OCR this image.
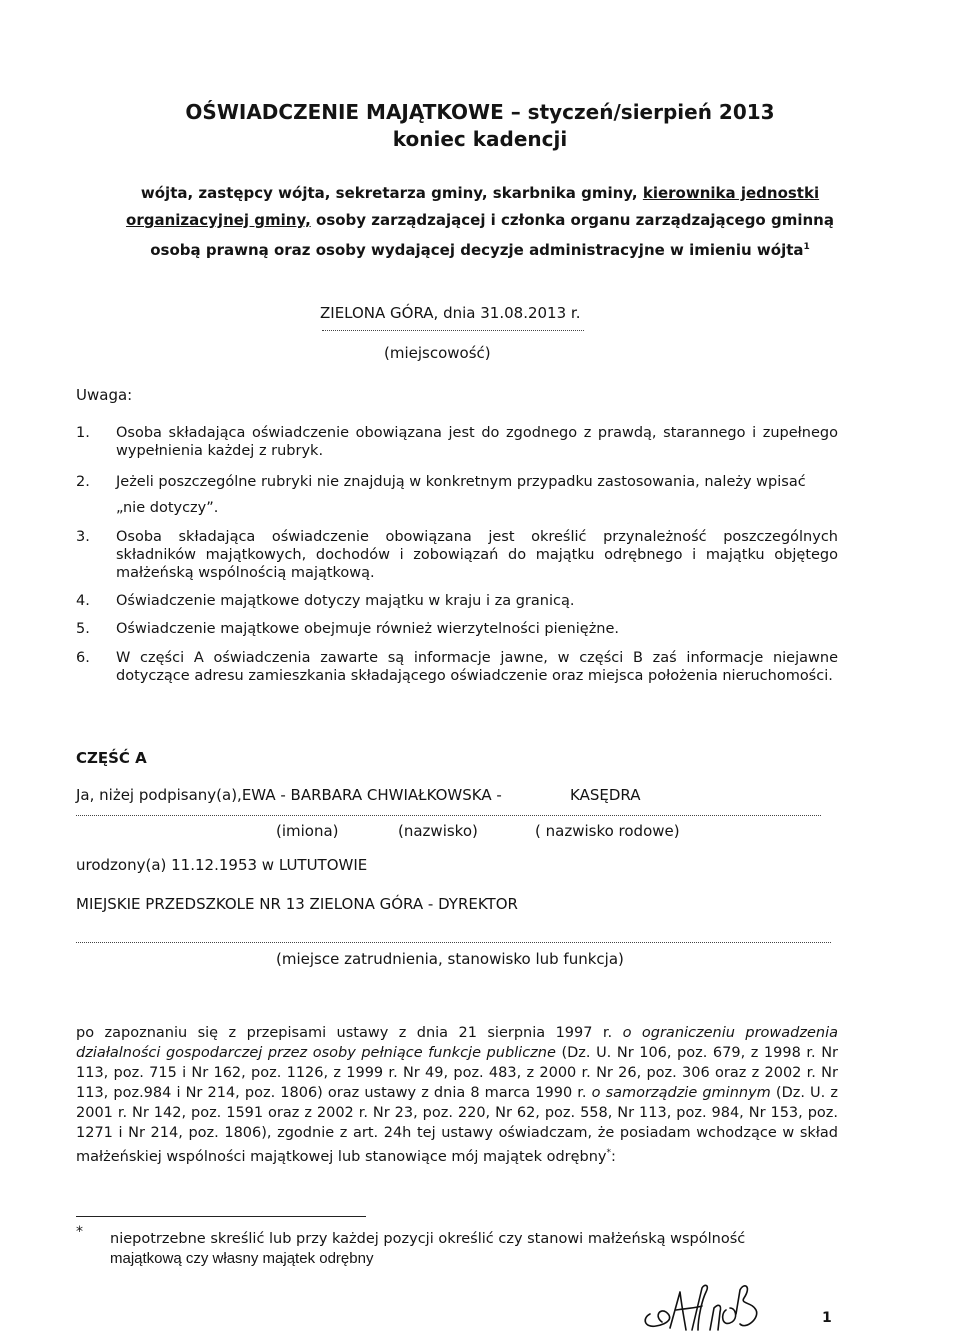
OŚWIADCZENIE MAJĄTKOWE – styczeń/sierpień 2013
koniec kadencji
wójta, zastępcy wójta, sekretarza gminy, skarbnika gminy, kierownika jednostki
organizacyjnej gminy, osoby zarządzającej i członka organu zarządzającego gminną
osobą prawną oraz osoby wydającej decyzje administracyjne w imieniu wójta$^1$
ZIELONA GÓRA, dnia 31.08.2013 r.
(miejscowość)
Uwaga:
1. Osoba składająca oświadczenie obowiązana jest do zgodnego z prawdą, starannego i zupełnego wypełnienia każdej z rubryk.
2. Jeżeli poszczególne rubryki nie znajdują w konkretnym przypadku zastosowania, należy wpisać
„nie dotyczy”.
3. Osoba składająca oświadczenie obowiązana jest określić przynależność poszczególnych składników majątkowych, dochodów i zobowiązań do majątku odrębnego i majątku objętego małżeńską wspólnością majątkową.
4. Oświadczenie majątkowe dotyczy majątku w kraju i za granicą.
5. Oświadczenie majątkowe obejmuje również wierzytelności pieniężne.
6. W części A oświadczenia zawarte są informacje jawne, w części B zaś informacje niejawne dotyczące adresu zamieszkania składającego oświadczenie oraz miejsca położenia nieruchomości.
CZĘŚĆ A
Ja, niżej podpisany(a),EWA - BARBARA CHWIAŁKOWSKA -	KASĘDRA
(imiona)	(nazwisko)	( nazwisko rodowe)
urodzony(a) 11.12.1953 w LUTUTOWIE
MIEJSKIE PRZEDSZKOLE NR 13 ZIELONA GÓRA - DYREKTOR
(miejsce zatrudnienia, stanowisko lub funkcja)
po zapoznaniu się z przepisami ustawy z dnia 21 sierpnia 1997 r. o ograniczeniu prowadzenia działalności gospodarczej przez osoby pełniące funkcje publiczne (Dz. U. Nr 106, poz. 679, z 1998 r. Nr 113, poz. 715 i Nr 162, poz. 1126, z 1999 r. Nr 49, poz. 483, z 2000 r. Nr 26, poz. 306 oraz z 2002 r. Nr 113, poz.984 i Nr 214, poz. 1806) oraz ustawy z dnia 8 marca 1990 r. o samorządzie gminnym (Dz. U. z 2001 r. Nr 142, poz. 1591 oraz z 2002 r. Nr 23, poz. 220, Nr 62, poz. 558, Nr 113, poz. 984, Nr 153, poz. 1271 i Nr 214, poz. 1806), zgodnie z art. 24h tej ustawy oświadczam, że posiadam wchodzące w skład małżeńskiej wspólności majątkowej lub stanowiące mój majątek odrębny*:
* niepotrzebne skreślić lub przy każdej pozycji określić czy stanowi małżeńską wspólność
majątkową czy własny majątek odrębny
1
